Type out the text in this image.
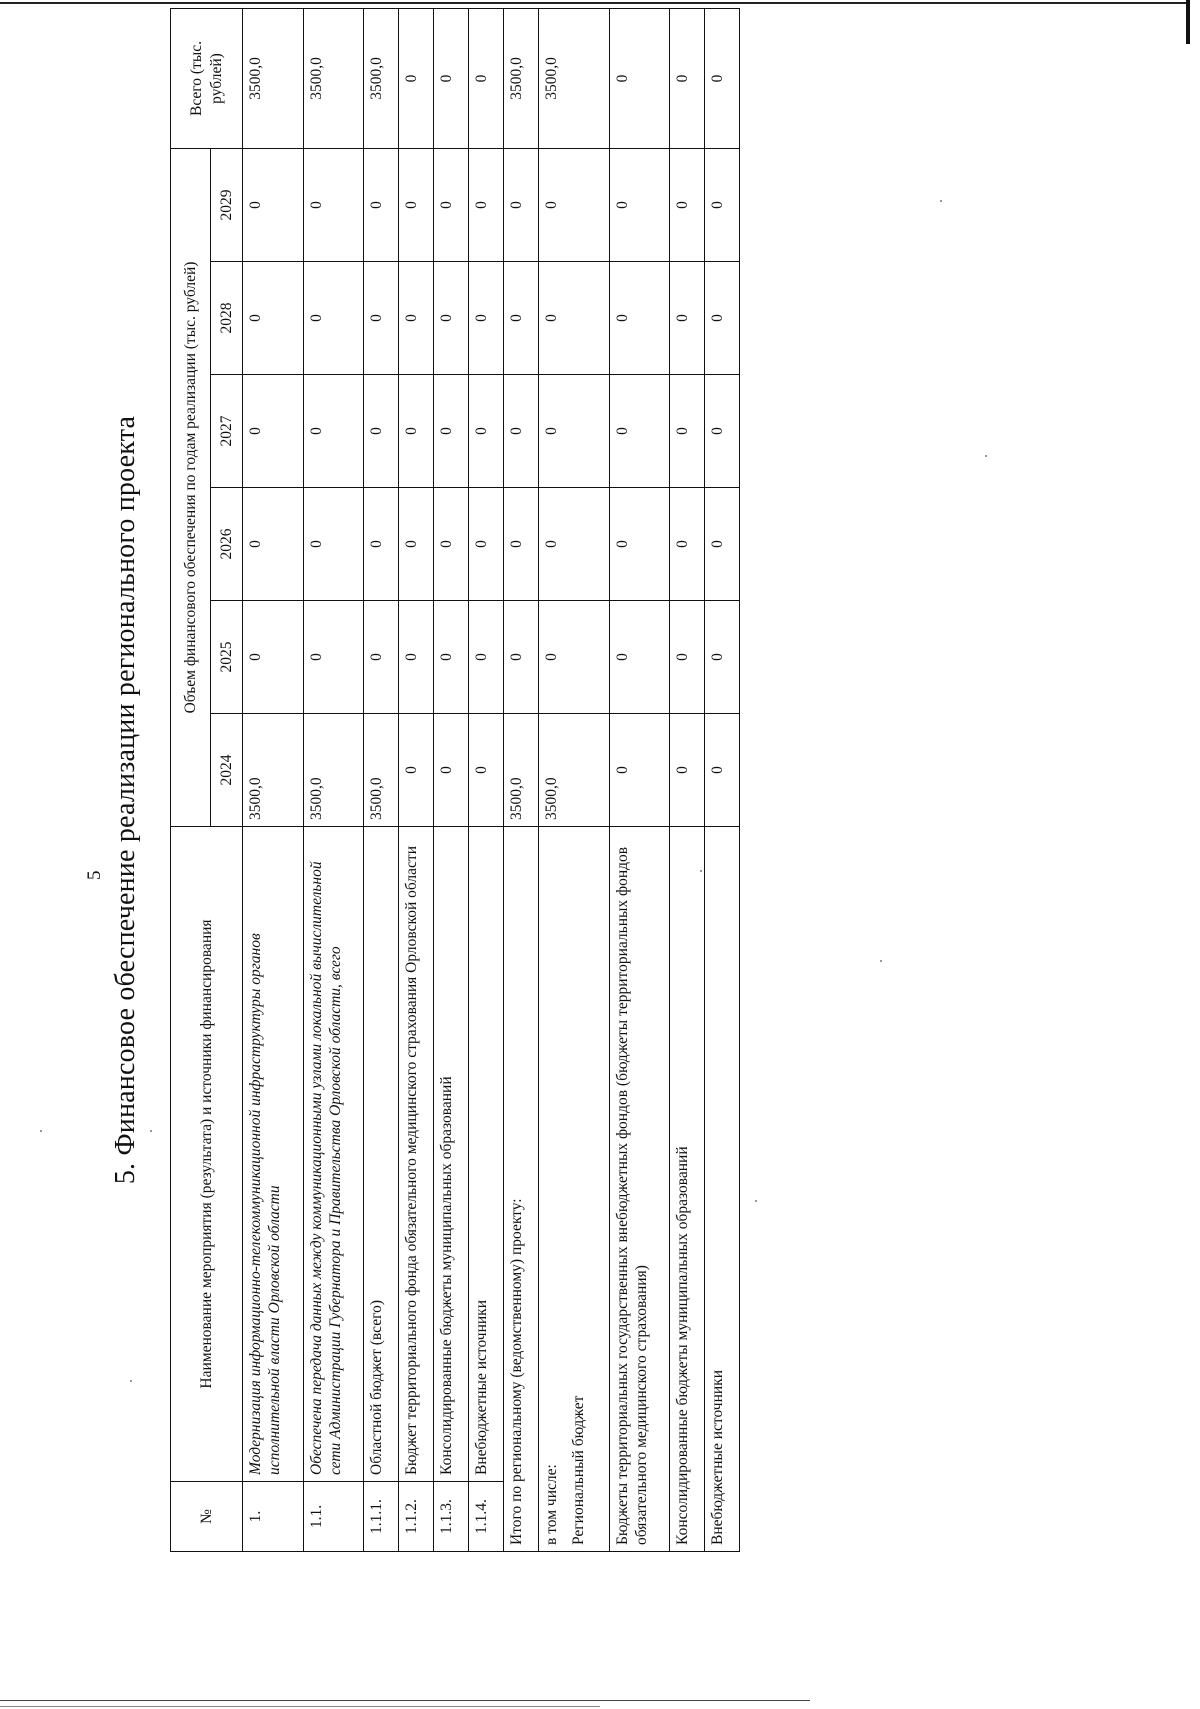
5 5. Финансовое обеспечение реализации регионального проекта
№	Наименование мероприятия (результата) и источники финансирования	Объем финансового обеспечения по годам реализации (тыс. рублей)						Всего (тыс. рублей)
		2024	2025	2026	2027	2028	2029	
1.	Модернизация информационно-телекоммуникационной инфраструктуры органов исполнительной власти Орловской области	3500,0	0	0	0	0	0	3500,0
1.1.	Обеспечена передача данных между коммуникационными узлами локальной вычислительной сети Администрации Губернатора и Правительства Орловской области, всего	3500,0	0	0	0	0	0	3500,0
1.1.1.	Областной бюджет (всего)	3500,0	0	0	0	0	0	3500,0
1.1.2.	Бюджет территориального фонда обязательного медицинского страхования Орловской области	0	0	0	0	0	0	0
1.1.3.	Консолидированные бюджеты муниципальных образований	0	0	0	0	0	0	0
1.1.4.	Внебюджетные источники	0	0	0	0	0	0	0
Итого по региональному (ведомственному) проекту:		3500,0	0	0	0	0	0	3500,0

в том числе: Региональный бюджет		3500,0	0	0	0	0	0	3500,0
Бюджеты территориальных государственных внебюджетных фондов (бюджеты территориальных фондов обязательного медицинского страхования)		0	0	0	0	0	0	0
Консолидированные бюджеты муниципальных образований		0	0	0	0	0	0	0
Внебюджетные источники		0	0	0	0	0	0	0
